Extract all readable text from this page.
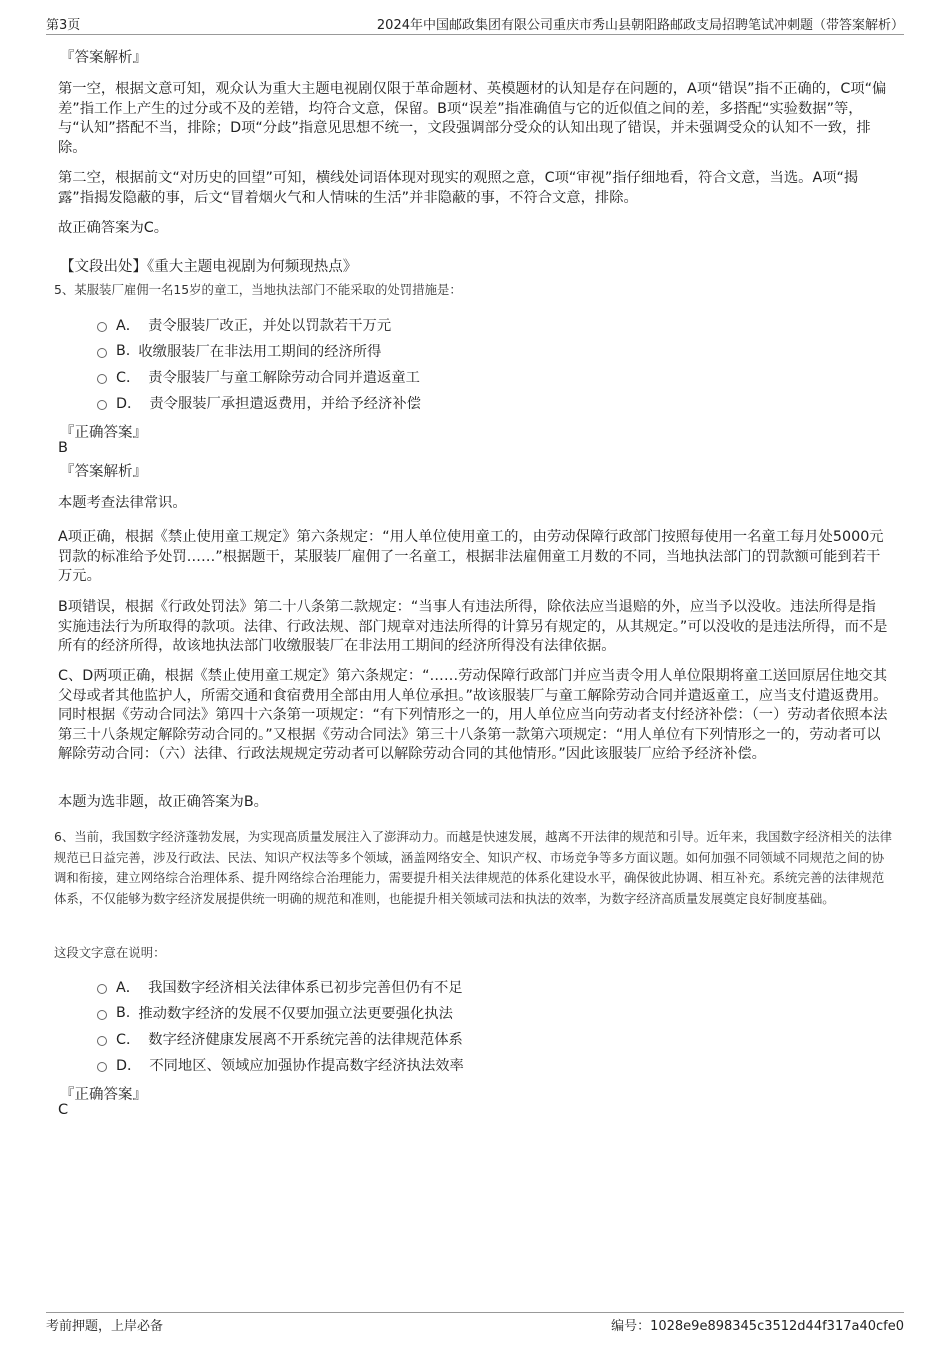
第3页	2024年中国邮政集团有限公司重庆市秀山县朝阳路邮政支局招聘笔试冲刺题（带答案解析）
『答案解析』
第一空，根据文意可知，观众认为重大主题电视剧仅限于革命题材、英模题材的认知是存在问题的，A项“错误”指不正确的，C项“偏差”指工作上产生的过分或不及的差错，均符合文意，保留。B项“误差”指准确值与它的近似值之间的差，多搭配“实验数据”等，与“认知”搭配不当，排除；D项“分歧”指意见思想不统一，文段强调部分受众的认知出现了错误，并未强调受众的认知不一致，排除。
第二空，根据前文“对历史的回望”可知，横线处词语体现对现实的观照之意，C项“审视”指仔细地看，符合文意，当选。A项“揭露”指揭发隐蔽的事，后文“冒着烟火气和人情味的生活”并非隐蔽的事，不符合文意，排除。
故正确答案为C。
【文段出处】《重大主题电视剧为何频现热点》
5、某服装厂雇佣一名15岁的童工，当地执法部门不能采取的处罚措施是：
A． 责令服装厂改正，并处以罚款若干万元
B. 收缴服装厂在非法用工期间的经济所得
C． 责令服装厂与童工解除劳动合同并遣返童工
D． 责令服装厂承担遣返费用，并给予经济补偿
『正确答案』
B
『答案解析』
本题考查法律常识。
A项正确，根据《禁止使用童工规定》第六条规定：“用人单位使用童工的，由劳动保障行政部门按照每使用一名童工每月处5000元罚款的标准给予处罚……”根据题干，某服装厂雇佣了一名童工，根据非法雇佣童工月数的不同，当地执法部门的罚款额可能到若干万元。
B项错误，根据《行政处罚法》第二十八条第二款规定：“当事人有违法所得，除依法应当退赔的外，应当予以没收。违法所得是指实施违法行为所取得的款项。法律、行政法规、部门规章对违法所得的计算另有规定的，从其规定。”可以没收的是违法所得，而不是所有的经济所得，故该地执法部门收缴服装厂在非法用工期间的经济所得没有法律依据。
C、D两项正确，根据《禁止使用童工规定》第六条规定：“……劳动保障行政部门并应当责令用人单位限期将童工送回原居住地交其父母或者其他监护人，所需交通和食宿费用全部由用人单位承担。”故该服装厂与童工解除劳动合同并遣返童工，应当支付遣返费用。同时根据《劳动合同法》第四十六条第一项规定：“有下列情形之一的，用人单位应当向劳动者支付经济补偿：（一）劳动者依照本法第三十八条规定解除劳动合同的。”又根据《劳动合同法》第三十八条第一款第六项规定：“用人单位有下列情形之一的，劳动者可以解除劳动合同：（六）法律、行政法规规定劳动者可以解除劳动合同的其他情形。”因此该服装厂应给予经济补偿。
本题为选非题，故正确答案为B。
6、当前，我国数字经济蓬勃发展，为实现高质量发展注入了澎湃动力。而越是快速发展，越离不开法律的规范和引导。近年来，我国数字经济相关的法律规范已日益完善，涉及行政法、民法、知识产权法等多个领域，涵盖网络安全、知识产权、市场竞争等多方面议题。如何加强不同领域不同规范之间的协调和衔接，建立网络综合治理体系、提升网络综合治理能力，需要提升相关法律规范的体系化建设水平，确保彼此协调、相互补充。系统完善的法律规范体系，不仅能够为数字经济发展提供统一明确的规范和准则，也能提升相关领域司法和执法的效率，为数字经济高质量发展奠定良好制度基础。
这段文字意在说明：
A． 我国数字经济相关法律体系已初步完善但仍有不足
B. 推动数字经济的发展不仅要加强立法更要强化执法
C． 数字经济健康发展离不开系统完善的法律规范体系
D． 不同地区、领域应加强协作提高数字经济执法效率
『正确答案』
C
考前押题，上岸必备	编号：1028e9e898345c3512d44f317a40cfe0
